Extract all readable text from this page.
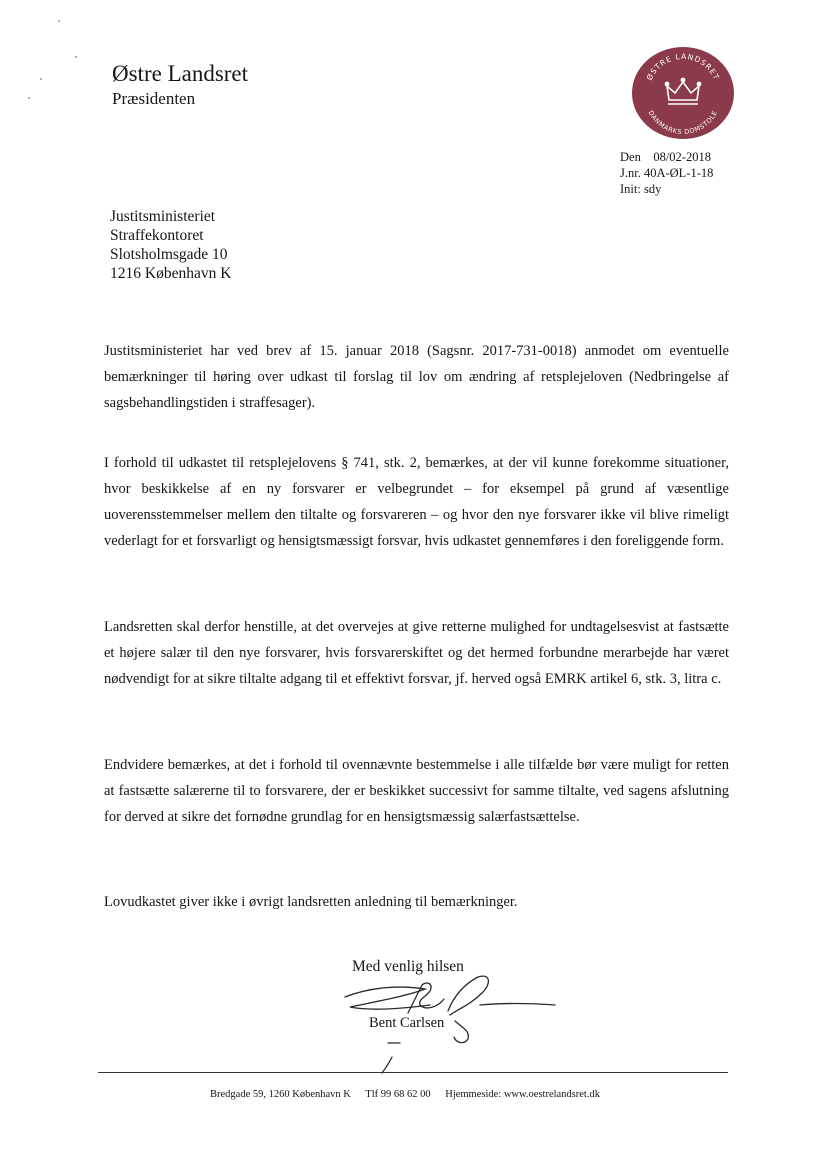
Østre Landsret
Præsidenten
ØSTRE LANDSRET
DANMARKS DOMSTOLE
Den    08/02-2018
J.nr. 40A-ØL-1-18
Init: sdy
Justitsministeriet
Straffekontoret
Slotsholmsgade 10
1216 København K
Justitsministeriet har ved brev af 15. januar 2018 (Sagsnr. 2017-731-0018) anmodet om eventuelle bemærkninger til høring over udkast til forslag til lov om ændring af retsplejeloven (Nedbringelse af sagsbehandlingstiden i straffesager).
I forhold til udkastet til retsplejelovens § 741, stk. 2, bemærkes, at der vil kunne forekomme situationer, hvor beskikkelse af en ny forsvarer er velbegrundet – for eksempel på grund af væsentlige uoverensstemmelser mellem den tiltalte og forsvareren – og hvor den nye forsvarer ikke vil blive rimeligt vederlagt for et forsvarligt og hensigtsmæssigt forsvar, hvis udkastet gennemføres i den foreliggende form.
Landsretten skal derfor henstille, at det overvejes at give retterne mulighed for undtagelsesvist at fastsætte et højere salær til den nye forsvarer, hvis forsvarerskiftet og det hermed forbundne merarbejde har været nødvendigt for at sikre tiltalte adgang til et effektivt forsvar, jf. herved også EMRK artikel 6, stk. 3, litra c.
Endvidere bemærkes, at det i forhold til ovennævnte bestemmelse i alle tilfælde bør være muligt for retten at fastsætte salærerne til to forsvarere, der er beskikket successivt for samme tiltalte, ved sagens afslutning for derved at sikre det fornødne grundlag for en hensigtsmæssig salærfastsættelse.
Lovudkastet giver ikke i øvrigt landsretten anledning til bemærkninger.
Med venlig hilsen
Bent Carlsen
Bredgade 59, 1260 København K Tlf 99 68 62 00 Hjemmeside: www.oestrelandsret.dk
